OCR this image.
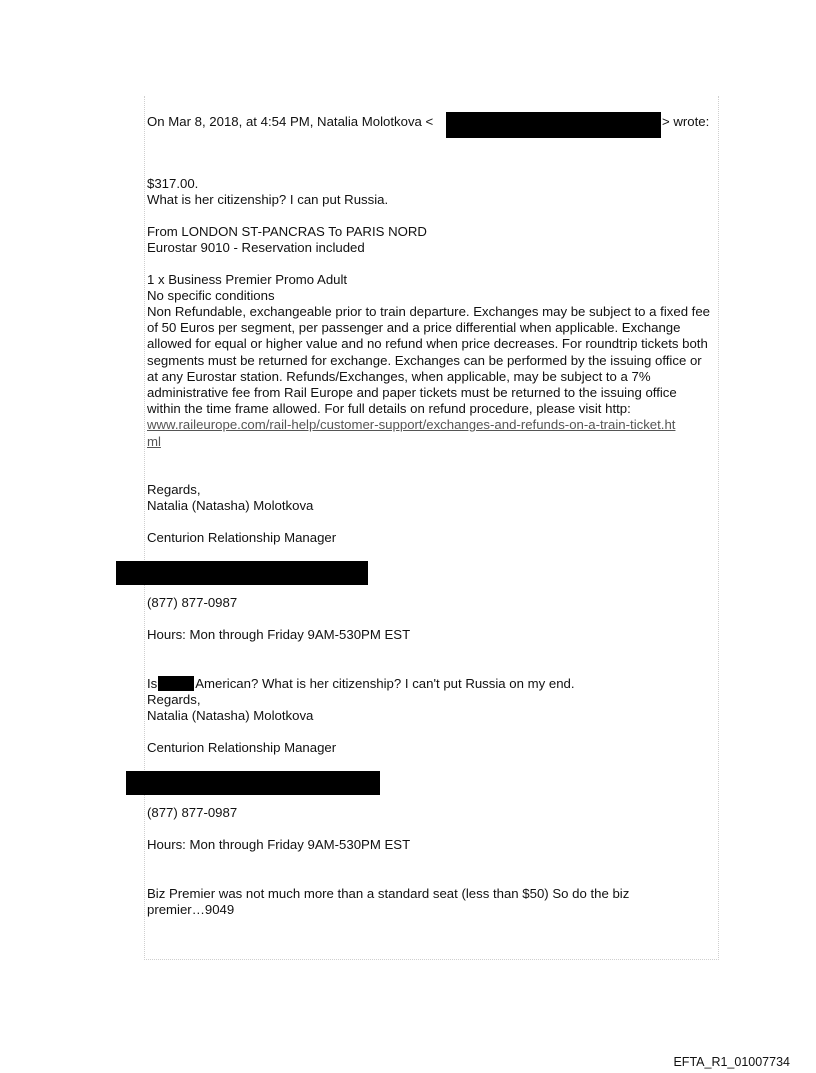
On Mar 8, 2018, at 4:54 PM, Natalia Molotkova <	> wrote:
$317.00.
What is her citizenship? I can put Russia.
From LONDON ST-PANCRAS To PARIS NORD
Eurostar 9010 - Reservation included
1 x Business Premier Promo Adult
No specific conditions
Non Refundable, exchangeable prior to train departure. Exchanges may be subject to a fixed fee of 50 Euros per segment, per passenger and a price differential when applicable. Exchange allowed for equal or higher value and no refund when price decreases. For roundtrip tickets both segments must be returned for exchange. Exchanges can be performed by the issuing office or at any Eurostar station. Refunds/Exchanges, when applicable, may be subject to a 7% administrative fee from Rail Europe and paper tickets must be returned to the issuing office within the time frame allowed. For full details on refund procedure, please visit http:
www.raileurope.com/rail-help/customer-support/exchanges-and-refunds-on-a-train-ticket.html
Regards,
Natalia (Natasha) Molotkova
Centurion Relationship Manager
(877) 877-0987
Hours: Mon through Friday 9AM-530PM EST
Is	American? What is her citizenship? I can't put Russia on my end.
Regards,
Natalia (Natasha) Molotkova
Centurion Relationship Manager
(877) 877-0987
Hours: Mon through Friday 9AM-530PM EST
Biz Premier was not much more than a standard seat (less than $50) So do the biz premier…9049
EFTA_R1_01007734
